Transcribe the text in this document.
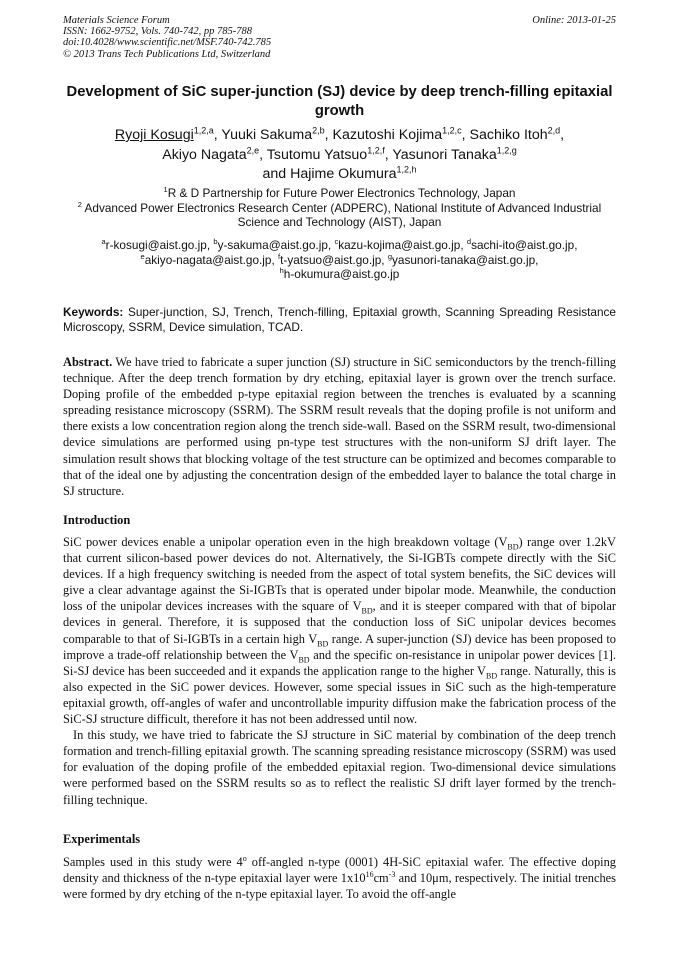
Materials Science Forum
ISSN: 1662-9752, Vols. 740-742, pp 785-788
doi:10.4028/www.scientific.net/MSF.740-742.785
© 2013 Trans Tech Publications Ltd, Switzerland
Online: 2013-01-25
Development of SiC super-junction (SJ) device by deep trench-filling epitaxial growth
Ryoji Kosugi$^{1,2,a}$, Yuuki Sakuma$^{2,b}$, Kazutoshi Kojima$^{1,2,c}$, Sachiko Itoh$^{2,d}$,
Akiyo Nagata$^{2,e}$, Tsutomu Yatsuo$^{1,2,f}$, Yasunori Tanaka$^{1,2,g}$
and Hajime Okumura$^{1,2,h}$

$^1$R & D Partnership for Future Power Electronics Technology, Japan

$^2$ Advanced Power Electronics Research Center (ADPERC), National Institute of Advanced Industrial Science and Technology (AIST), Japan

$^a$r-kosugi@aist.go.jp, $^b$y-sakuma@aist.go.jp, $^c$kazu-kojima@aist.go.jp, $^d$sachi-ito@aist.go.jp,
$^e$akiyo-nagata@aist.go.jp, $^f$t-yatsuo@aist.go.jp, $^g$yasunori-tanaka@aist.go.jp,
$^h$h-okumura@aist.go.jp
Keywords: Super-junction, SJ, Trench, Trench-filling, Epitaxial growth, Scanning Spreading Resistance Microscopy, SSRM, Device simulation, TCAD.

Abstract. We have tried to fabricate a super junction (SJ) structure in SiC semiconductors by the trench-filling technique. After the deep trench formation by dry etching, epitaxial layer is grown over the trench surface. Doping profile of the embedded p-type epitaxial region between the trenches is evaluated by a scanning spreading resistance microscopy (SSRM). The SSRM result reveals that the doping profile is not uniform and there exists a low concentration region along the trench side-wall. Based on the SSRM result, two-dimensional device simulations are performed using pn-type test structures with the non-uniform SJ drift layer. The simulation result shows that blocking voltage of the test structure can be optimized and becomes comparable to that of the ideal one by adjusting the concentration design of the embedded layer to balance the total charge in SJ structure.

Introduction

SiC power devices enable a unipolar operation even in the high breakdown voltage $(V_{BD})$ range over 1.2kV that current silicon-based power devices do not. Alternatively, the Si-IGBTs compete directly with the SiC devices. If a high frequency switching is needed from the aspect of total system benefits, the SiC devices will give a clear advantage against the Si-IGBTs that is operated under bipolar mode. Meanwhile, the conduction loss of the unipolar devices increases with the square of $V_{BD}$, and it is steeper compared with that of bipolar devices in general. Therefore, it is supposed that the conduction loss of SiC unipolar devices becomes comparable to that of Si-IGBTs in a certain high $V_{BD}$ range. A super-junction (SJ) device has been proposed to improve a trade-off relationship between the $V_{BD}$ and the specific on-resistance in unipolar power devices [1]. Si-SJ device has been succeeded and it expands the application range to the higher $V_{BD}$ range. Naturally, this is also expected in the SiC power devices. However, some special issues in SiC such as the high-temperature epitaxial growth, off-angles of wafer and uncontrollable impurity diffusion make the fabrication process of the SiC-SJ structure difficult, therefore it has not been addressed until now.

In this study, we have tried to fabricate the SJ structure in SiC material by combination of the deep trench formation and trench-filling epitaxial growth. The scanning spreading resistance microscopy (SSRM) was used for evaluation of the doping profile of the embedded epitaxial region. Two-dimensional device simulations were performed based on the SSRM results so as to reflect the realistic SJ drift layer formed by the trench-filling technique.

Experimentals

Samples used in this study were 4$^o$ off-angled n-type (0001) 4H-SiC epitaxial wafer. The effective doping density and thickness of the n-type epitaxial layer were $1x10^{16}cm^{-3}$ and 10μm, respectively. The initial trenches were formed by dry etching of the n-type epitaxial layer. To avoid the off-angle
